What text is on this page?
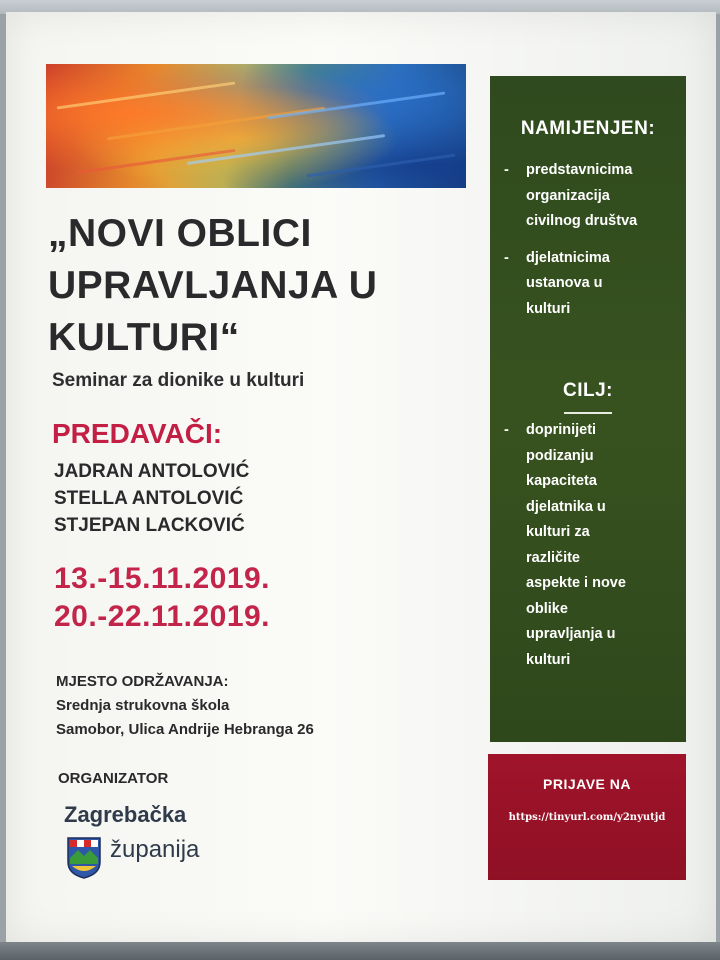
„NOVI OBLICI
UPRAVLJANJA U
KULTURI“
Seminar za dionike u kulturi
PREDAVAČI:
JADRAN ANTOLOVIĆ
STELLA ANTOLOVIĆ
STJEPAN LACKOVIĆ
13.-15.11.2019.
20.-22.11.2019.
MJESTO ODRŽAVANJA:
Srednja strukovna škola
Samobor, Ulica Andrije Hebranga 26
ORGANIZATOR
Zagrebačka
županija
NAMIJENJEN:
- predstavnicima
organizacija
civilnog društva
- djelatnicima
ustanova u
kulturi
CILJ:
- doprinijeti
podizanju
kapaciteta
djelatnika u
kulturi za
različite
aspekte i nove
oblike
upravljanja u
kulturi
PRIJAVE NA
https://tinyurl.com/y2nyutjd
